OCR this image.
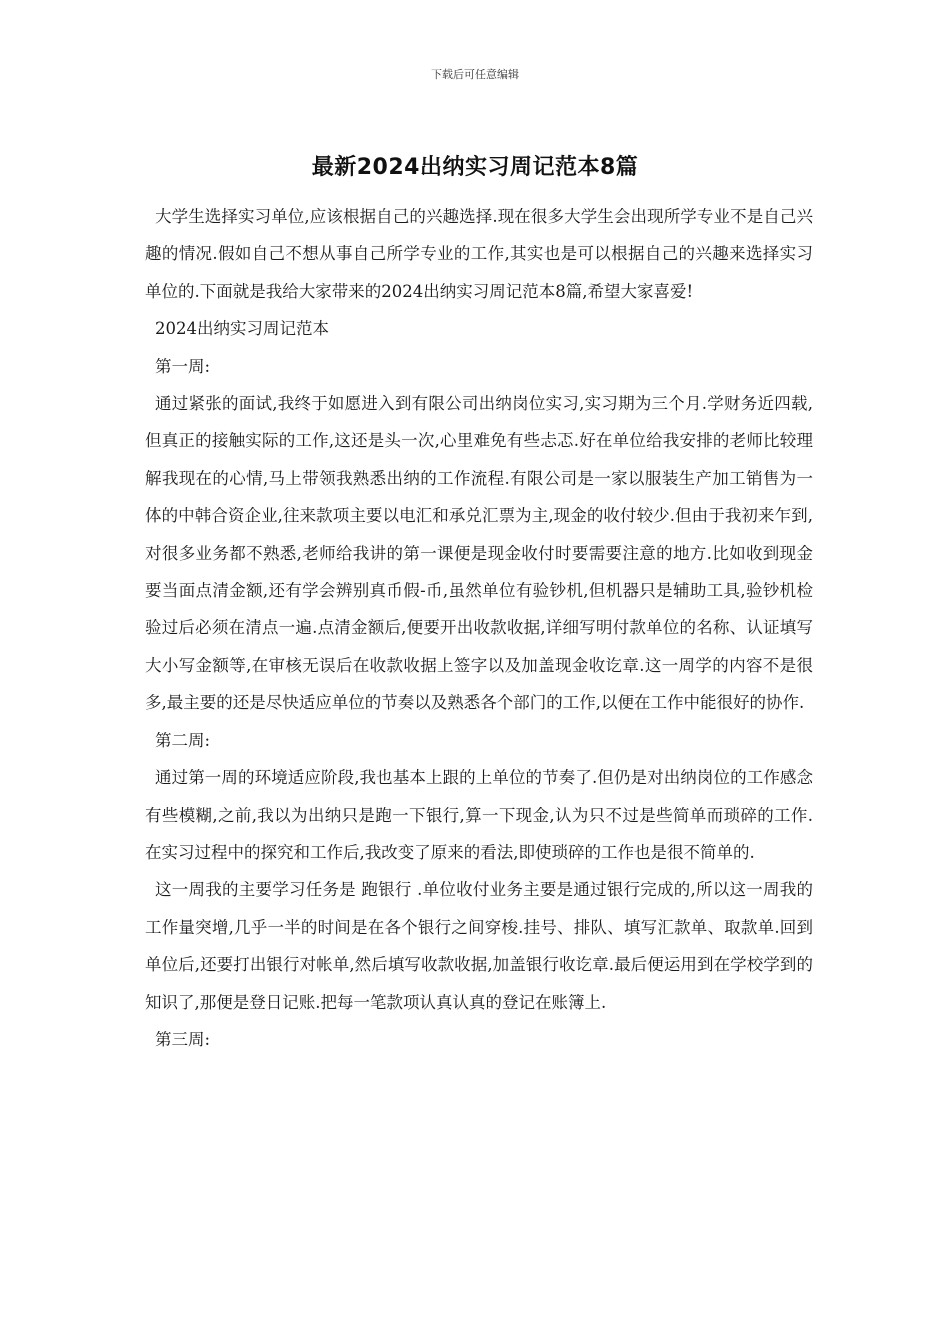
下载后可任意编辑
最新2024出纳实习周记范本8篇

大学生选择实习单位,应该根据自己的兴趣选择.现在很多大学生会出现所学专业不是自己兴趣的情况.假如自己不想从事自己所学专业的工作,其实也是可以根据自己的兴趣来选择实习单位的.下面就是我给大家带来的2024出纳实习周记范本8篇,希望大家喜爱!

2024出纳实习周记范本

第一周:

通过紧张的面试,我终于如愿进入到有限公司出纳岗位实习,实习期为三个月.学财务近四载,但真正的接触实际的工作,这还是头一次,心里难免有些忐忑.好在单位给我安排的老师比较理解我现在的心情,马上带领我熟悉出纳的工作流程.有限公司是一家以服装生产加工销售为一体的中韩合资企业,往来款项主要以电汇和承兑汇票为主,现金的收付较少.但由于我初来乍到,对很多业务都不熟悉,老师给我讲的第一课便是现金收付时要需要注意的地方.比如收到现金要当面点清金额,还有学会辨别真币假-币,虽然单位有验钞机,但机器只是辅助工具,验钞机检验过后必须在清点一遍.点清金额后,便要开出收款收据,详细写明付款单位的名称、认证填写大小写金额等,在审核无误后在收款收据上签字以及加盖现金收讫章.这一周学的内容不是很多,最主要的还是尽快适应单位的节奏以及熟悉各个部门的工作,以便在工作中能很好的协作.

第二周:

通过第一周的环境适应阶段,我也基本上跟的上单位的节奏了.但仍是对出纳岗位的工作感念有些模糊,之前,我以为出纳只是跑一下银行,算一下现金,认为只不过是些简单而琐碎的工作.在实习过程中的探究和工作后,我改变了原来的看法,即使琐碎的工作也是很不简单的.

这一周我的主要学习任务是 跑银行 .单位收付业务主要是通过银行完成的,所以这一周我的工作量突增,几乎一半的时间是在各个银行之间穿梭.挂号、排队、填写汇款单、取款单.回到单位后,还要打出银行对帐单,然后填写收款收据,加盖银行收讫章.最后便运用到在学校学到的知识了,那便是登日记账.把每一笔款项认真认真的登记在账簿上.

第三周:
